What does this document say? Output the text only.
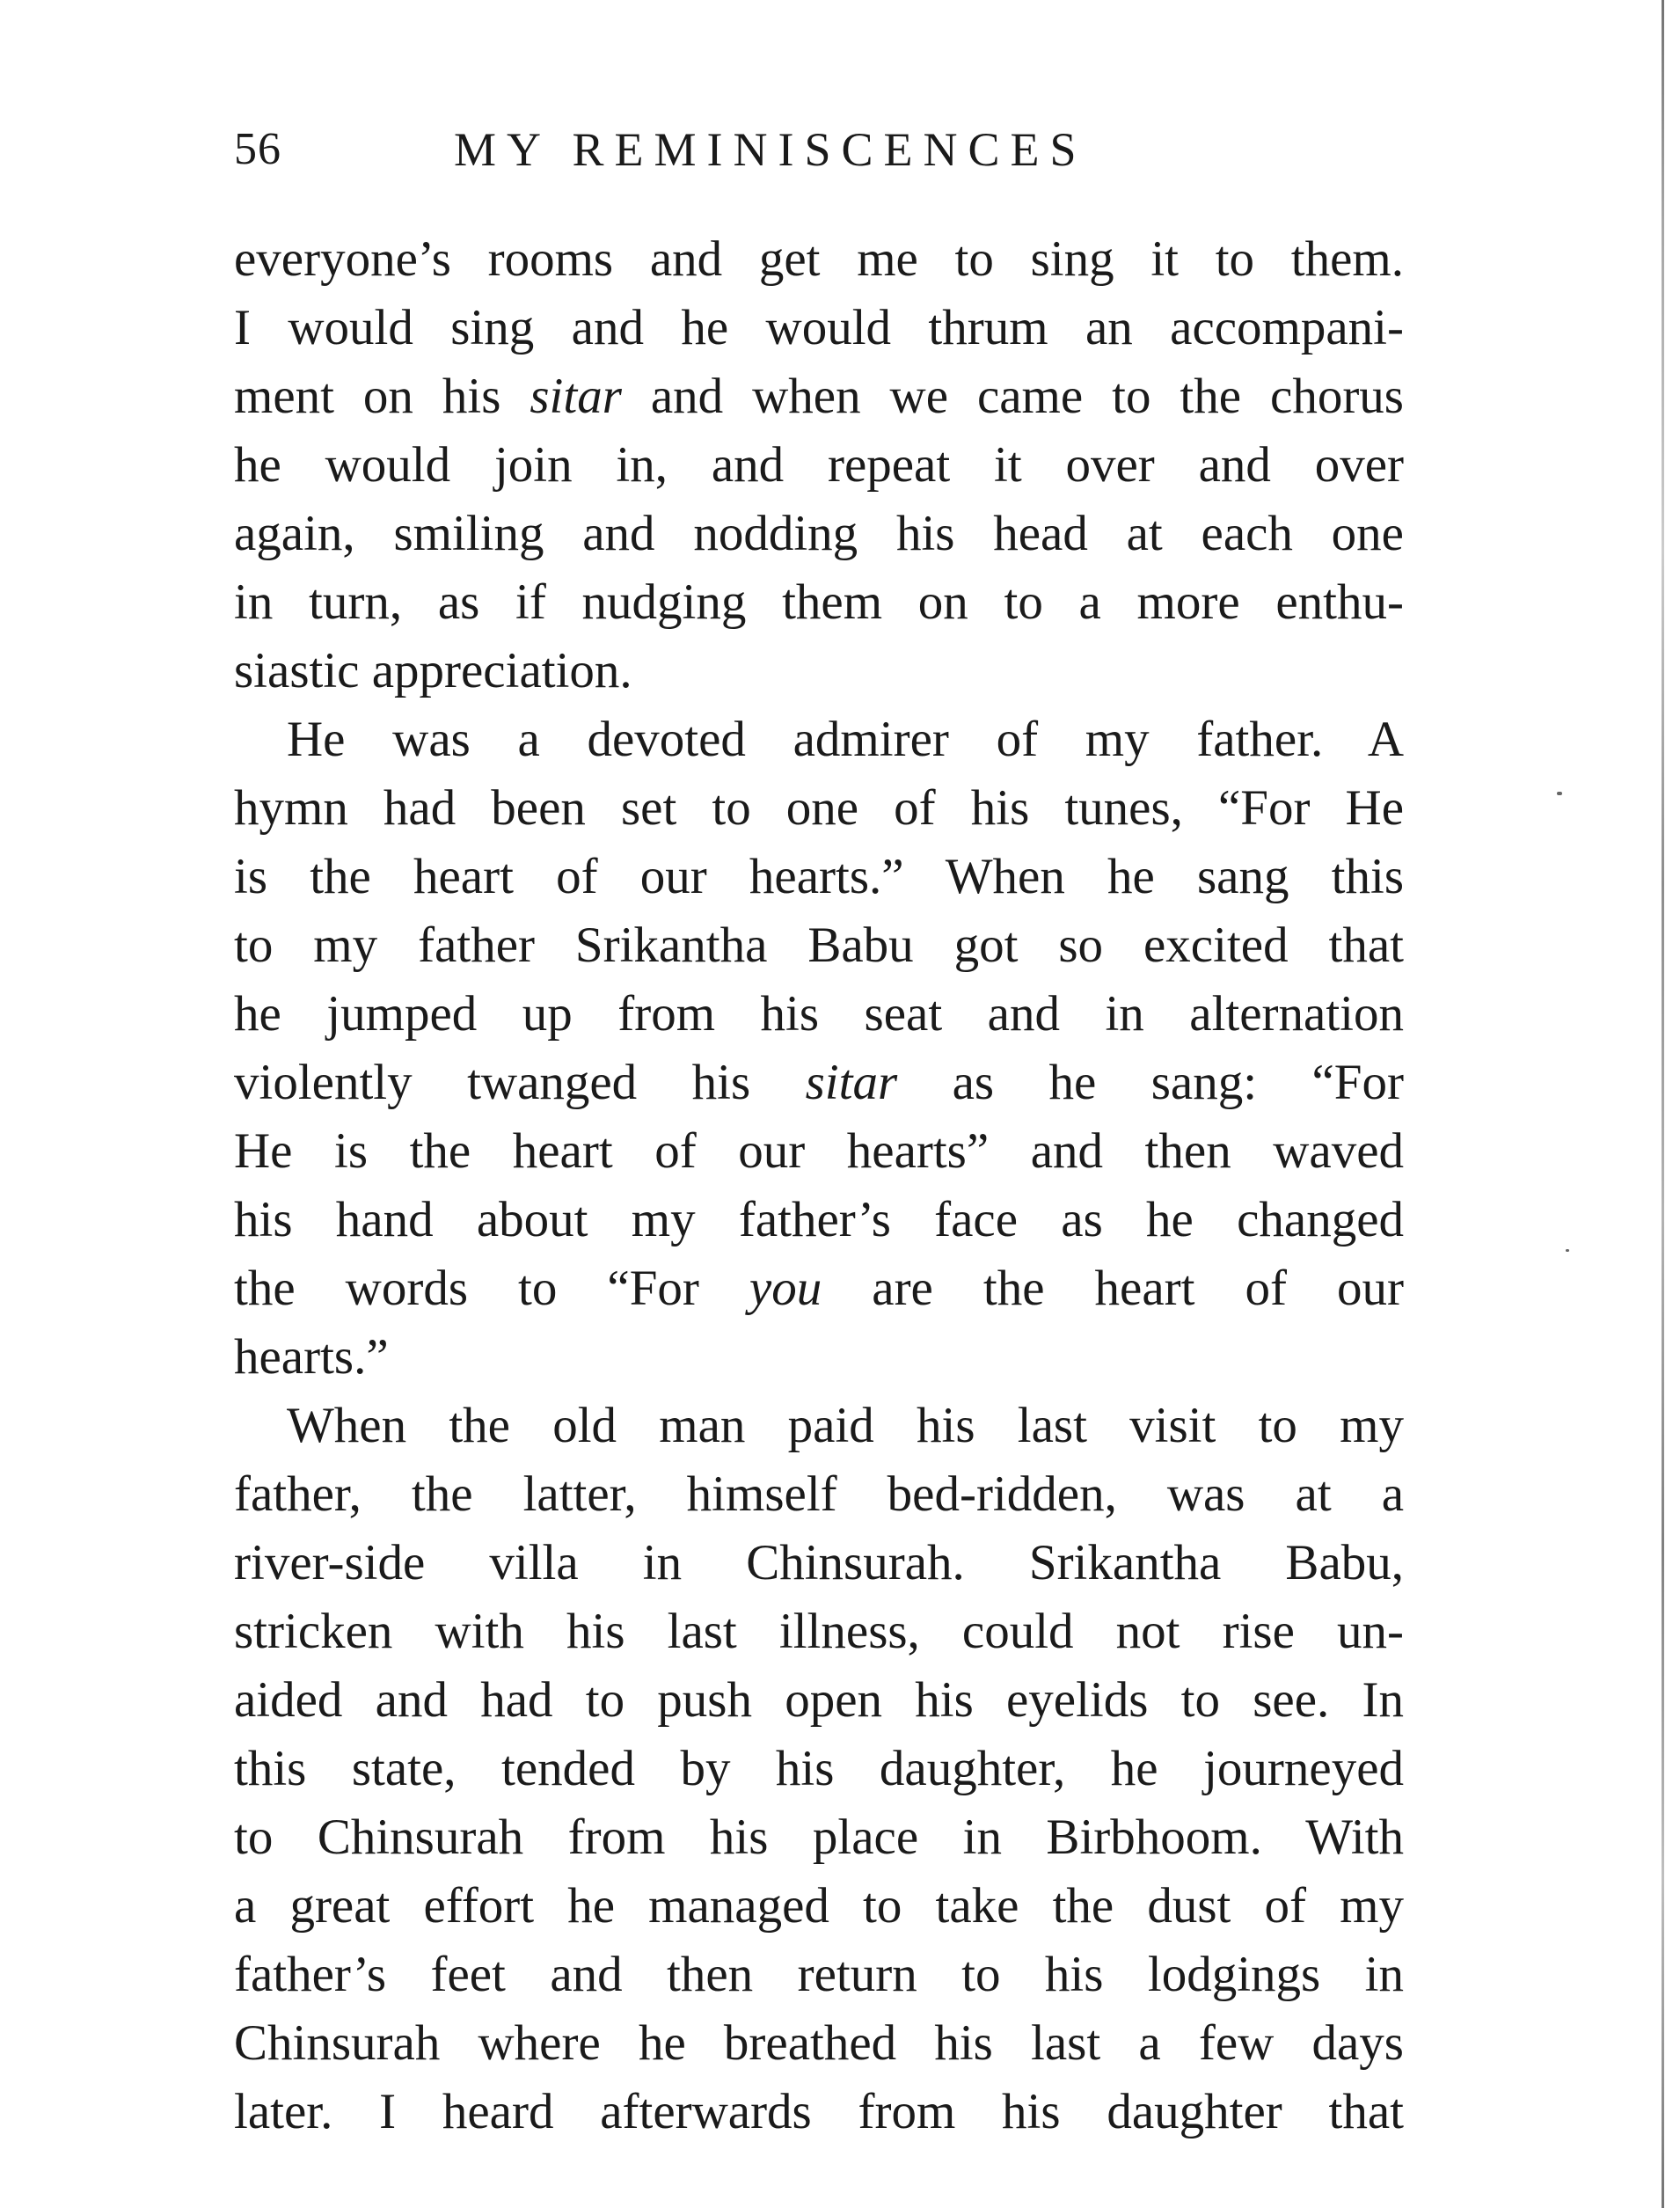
56	MY REMINISCENCES
everyone’s rooms and get me to sing it to them.
I would sing and he would thrum an accompani-
ment on his sitar and when we came to the chorus
he would join in, and repeat it over and over
again, smiling and nodding his head at each one
in turn, as if nudging them on to a more enthu-
siastic appreciation.
He was a devoted admirer of my father. A
hymn had been set to one of his tunes, “For He
is the heart of our hearts.” When he sang this
to my father Srikantha Babu got so excited that
he jumped up from his seat and in alternation
violently twanged his sitar as he sang: “For
He is the heart of our hearts” and then waved
his hand about my father’s face as he changed
the words to “For you are the heart of our
hearts.”
When the old man paid his last visit to my
father, the latter, himself bed-ridden, was at a
river-side villa in Chinsurah. Srikantha Babu,
stricken with his last illness, could not rise un-
aided and had to push open his eyelids to see. In
this state, tended by his daughter, he journeyed
to Chinsurah from his place in Birbhoom. With
a great effort he managed to take the dust of my
father’s feet and then return to his lodgings in
Chinsurah where he breathed his last a few days
later. I heard afterwards from his daughter that
